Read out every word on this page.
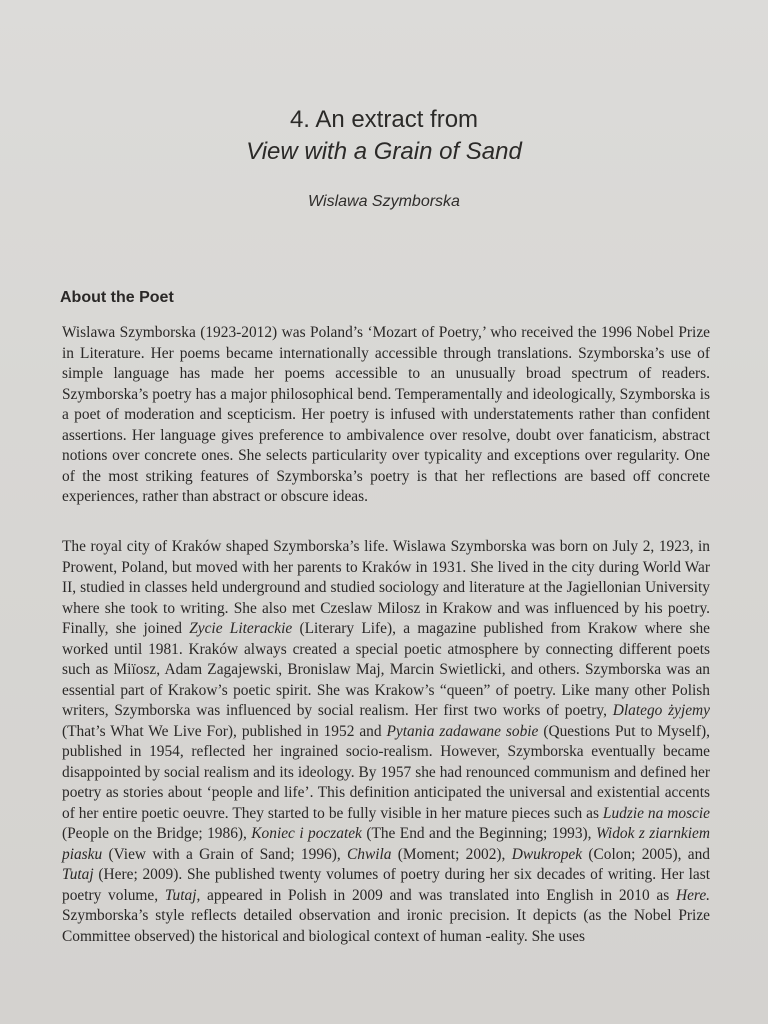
4. An extract from
View with a Grain of Sand
Wislawa Szymborska
About the Poet

Wislawa Szymborska (1923-2012) was Poland’s ‘Mozart of Poetry,’ who received the 1996 Nobel Prize in Literature. Her poems became internationally accessible through translations. Szymborska’s use of simple language has made her poems accessible to an unusually broad spectrum of readers. Szymborska’s poetry has a major philosophical bend. Temperamentally and ideologically, Szymborska is a poet of moderation and scepticism. Her poetry is infused with understatements rather than confident assertions. Her language gives preference to ambivalence over resolve, doubt over fanaticism, abstract notions over concrete ones. She selects particularity over typicality and exceptions over regularity. One of the most striking features of Szymborska’s poetry is that her reflections are based off concrete experiences, rather than abstract or obscure ideas.

The royal city of Kraków shaped Szymborska’s life. Wislawa Szymborska was born on July 2, 1923, in Prowent, Poland, but moved with her parents to Kraków in 1931. She lived in the city during World War II, studied in classes held underground and studied sociology and literature at the Jagiellonian University where she took to writing. She also met Czeslaw Milosz in Krakow and was influenced by his poetry. Finally, she joined Zycie Literackie (Literary Life), a magazine published from Krakow where she worked until 1981. Kraków always created a special poetic atmosphere by connecting different poets such as Miïosz, Adam Zagajewski, Bronislaw Maj, Marcin Swietlicki, and others. Szymborska was an essential part of Krakow’s poetic spirit. She was Krakow’s “queen” of poetry. Like many other Polish writers, Szymborska was influenced by social realism. Her first two works of poetry, Dlatego żyjemy (That’s What We Live For), published in 1952 and Pytania zadawane sobie (Questions Put to Myself), published in 1954, reflected her ingrained socio-realism. However, Szymborska eventually became disappointed by social realism and its ideology. By 1957 she had renounced communism and defined her poetry as stories about ‘people and life’. This definition anticipated the universal and existential accents of her entire poetic oeuvre. They started to be fully visible in her mature pieces such as Ludzie na moscie (People on the Bridge; 1986), Koniec i poczatek (The End and the Beginning; 1993), Widok z ziarnkiem piasku (View with a Grain of Sand; 1996), Chwila (Moment; 2002), Dwukropek (Colon; 2005), and Tutaj (Here; 2009). She published twenty volumes of poetry during her six decades of writing. Her last poetry volume, Tutaj, appeared in Polish in 2009 and was translated into English in 2010 as Here. Szymborska’s style reflects detailed observation and ironic precision. It depicts (as the Nobel Prize Committee observed) the historical and biological context of human ‐eality. She uses
